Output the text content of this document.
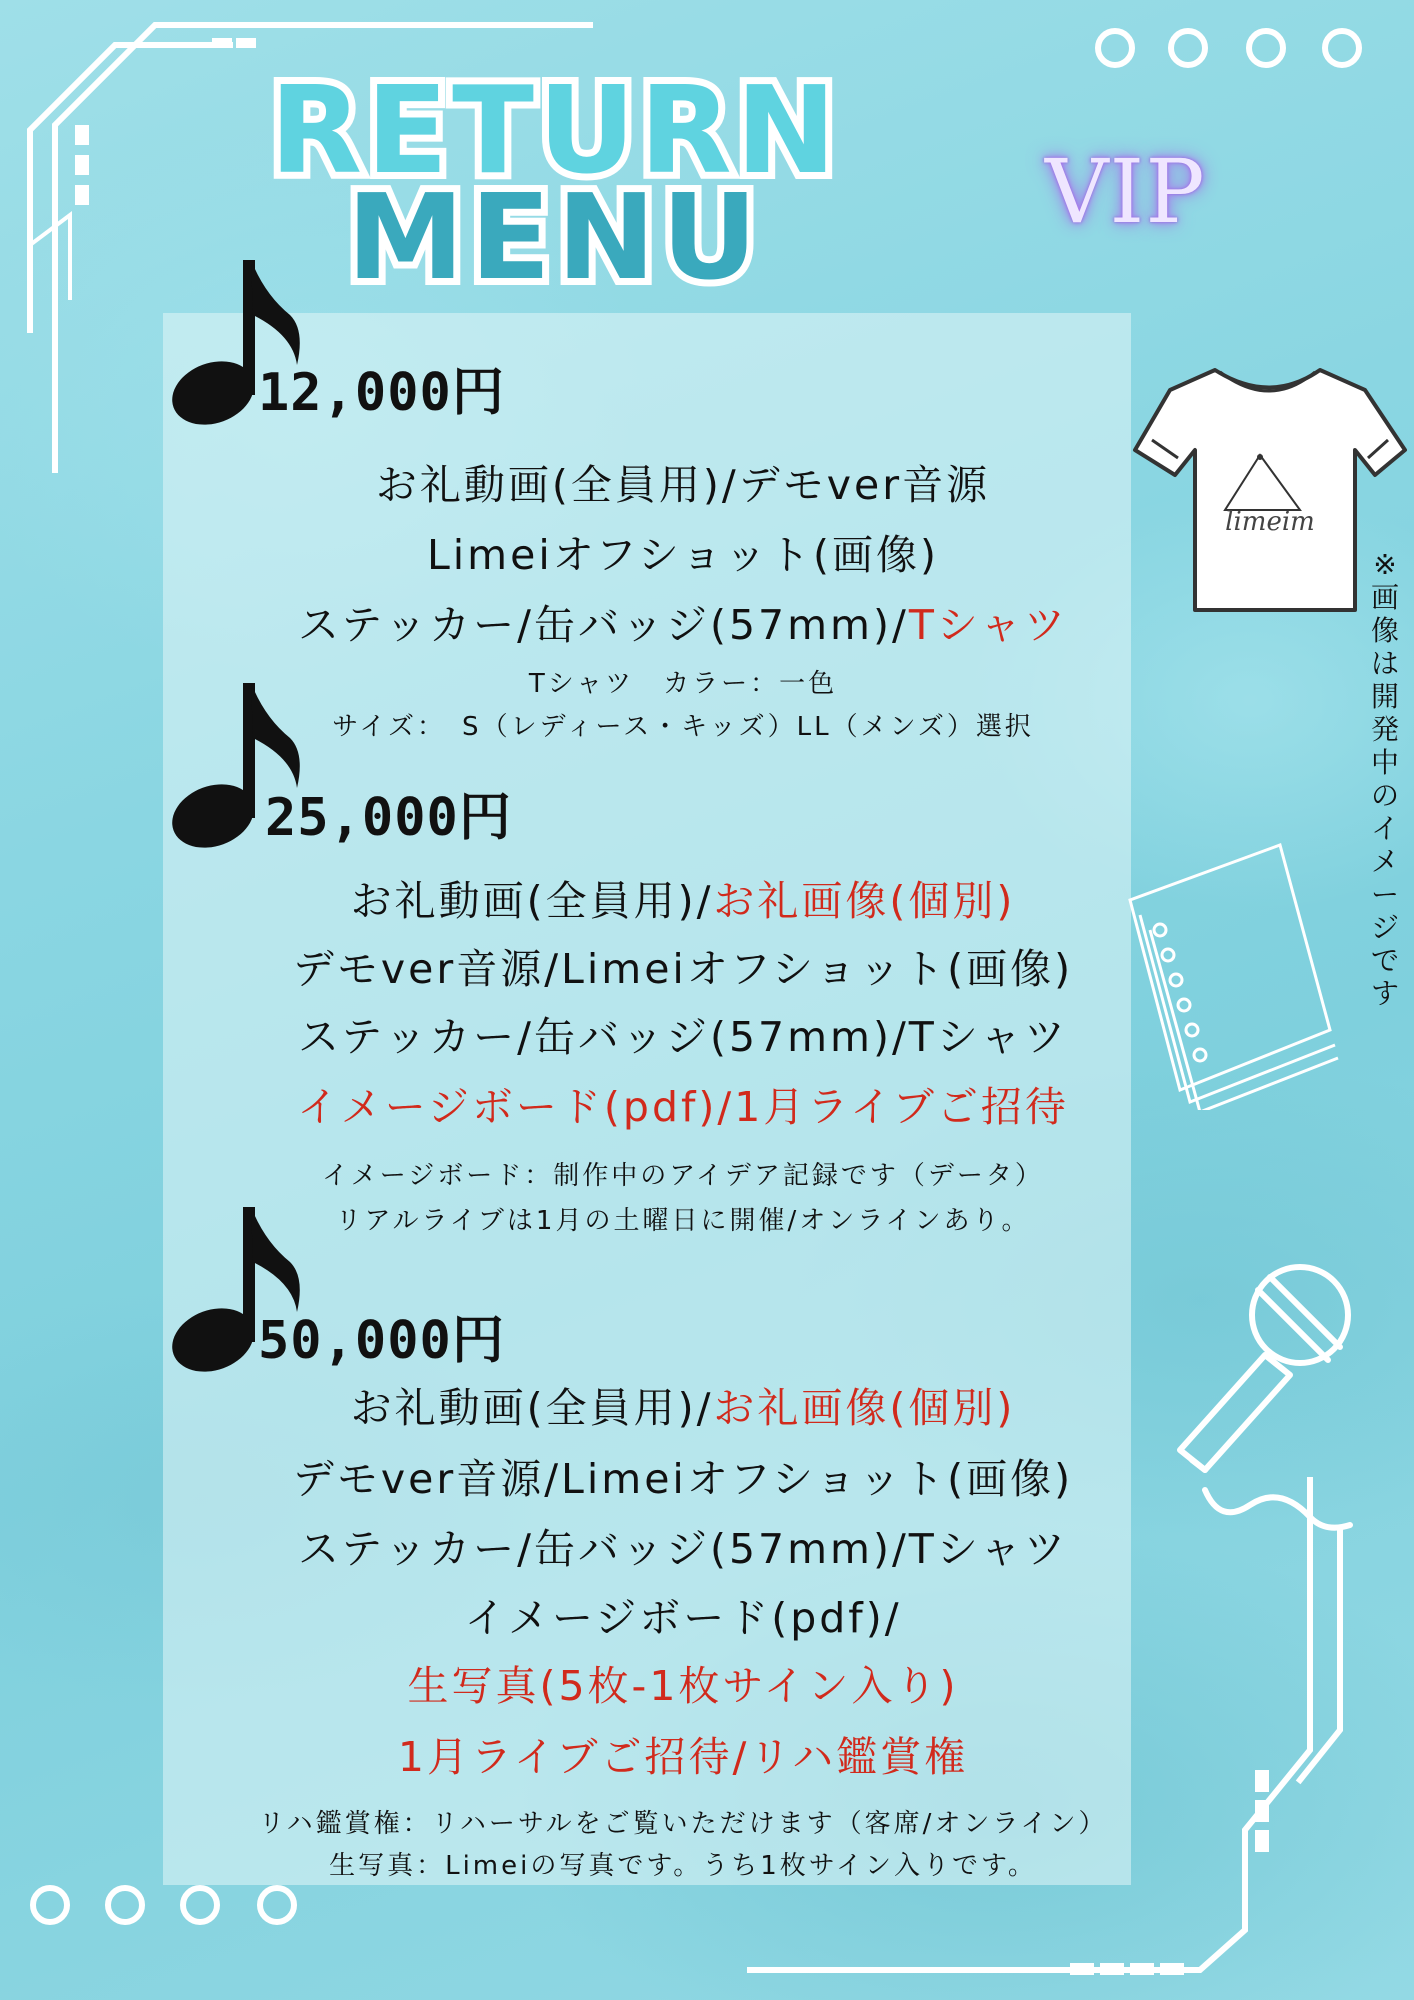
RETURN
MENU	VIP
limeim
※画像は開発中のイメージです
12,000円
お礼動画(全員用)/デモver音源
Limeiオフショット(画像)
ステッカー/缶バッジ(57mm)/Tシャツ
Tシャツ　カラー：一色
サイズ：　S（レディース・キッズ）LL（メンズ）選択
25,000円
お礼動画(全員用)/お礼画像(個別)
デモver音源/Limeiオフショット(画像)
ステッカー/缶バッジ(57mm)/Tシャツ
イメージボード(pdf)/1月ライブご招待
イメージボード：制作中のアイデア記録です（データ）
リアルライブは1月の土曜日に開催/オンラインあり。
50,000円
お礼動画(全員用)/お礼画像(個別)
デモver音源/Limeiオフショット(画像)
ステッカー/缶バッジ(57mm)/Tシャツ
イメージボード(pdf)/
生写真(5枚-1枚サイン入り)
1月ライブご招待/リハ鑑賞権
リハ鑑賞権：リハーサルをご覧いただけます（客席/オンライン）
生写真：Limeiの写真です。うち1枚サイン入りです。
